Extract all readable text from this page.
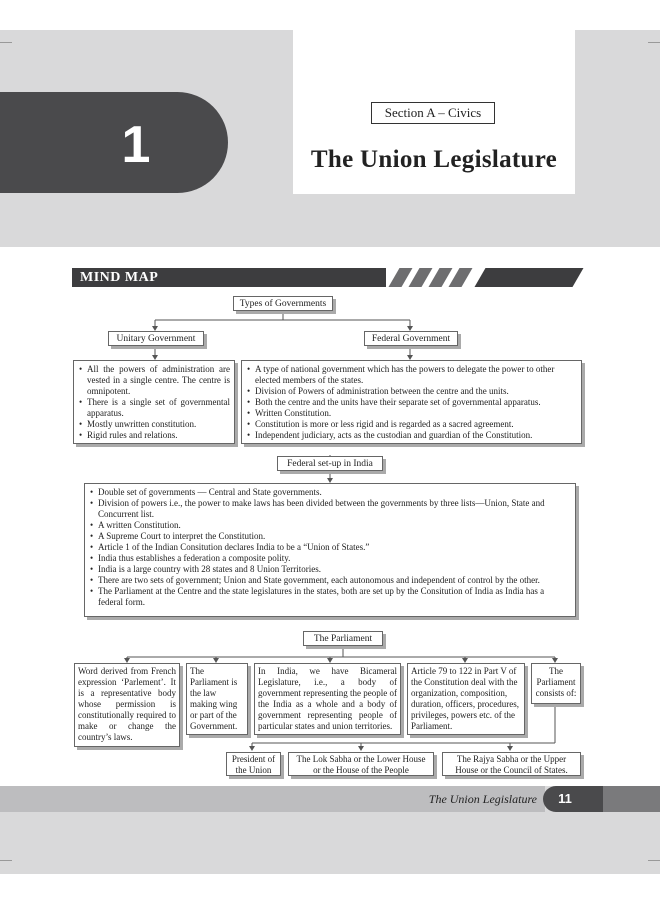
1
Section A – Civics
The Union Legislature
MIND MAP
Types of Governments
Unitary Government	Federal Government
• All the powers of administration are vested in a single centre. The centre is omnipotent.
• There is a single set of governmental apparatus.
• Mostly unwritten constitution.
• Rigid rules and relations.
• A type of national government which has the powers to delegate the power to other elected members of the states.
• Division of Powers of administration between the centre and the units.
• Both the centre and the units have their separate set of governmental apparatus.
• Written Constitution.
• Constitution is more or less rigid and is regarded as a sacred agreement.
• Independent judiciary, acts as the custodian and guardian of the Constitution.
Federal set-up in India
• Double set of governments — Central and State governments.
• Division of powers i.e., the power to make laws has been divided between the governments by three lists—Union, State and Concurrent list.
• A written Constitution.
• A Supreme Court to interpret the Constitution.
• Article 1 of the Indian Consitution declares India to be a “Union of States.”
• India thus establishes a federation a composite polity.
• India is a large country with 28 states and 8 Union Territories.
• There are two sets of government; Union and State government, each autonomous and independent of control by the other.
• The Parliament at the Centre and the state legislatures in the states, both are set up by the Consitution of India as India has a federal form.
The Parliament
Word derived from French expression ‘Parlement’. It is a representative body whose permission is constitutionally required to make or change the country’s laws.
The Parliament is the law making wing or part of the Government.
In India, we have Bicameral Legislature, i.e., a body of government representing the people of the India as a whole and a body of government representing people of particular states and union territories.
Article 79 to 122 in Part V of the Constitution deal with the organization, composition, duration, officers, procedures, privileges, powers etc. of the Parliament.
The Parliament consists of:
President of the Union
The Lok Sabha or the Lower House or the House of the People
The Rajya Sabha or the Upper House or the Council of States.
The Union Legislature	11
